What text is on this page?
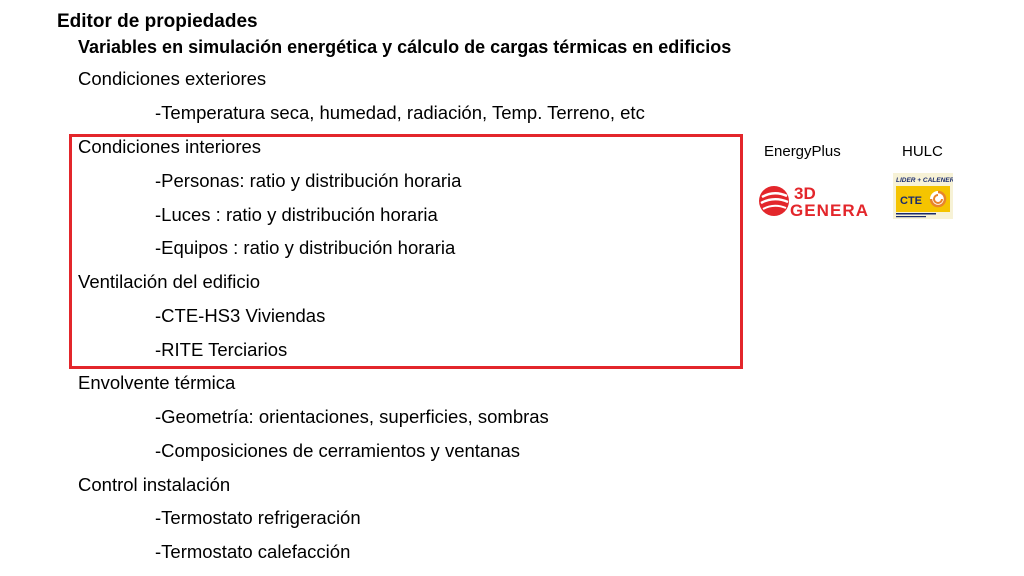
Editor de propiedades
Variables en simulación energética y cálculo de cargas térmicas en edificios
Condiciones exteriores
-Temperatura seca, humedad, radiación, Temp. Terreno, etc
Condiciones interiores
-Personas: ratio y distribución horaria
-Luces : ratio y distribución horaria
-Equipos : ratio y distribución horaria
Ventilación del edificio
-CTE-HS3 Viviendas
-RITE Terciarios
Envolvente térmica
-Geometría: orientaciones, superficies, sombras
-Composiciones de cerramientos y ventanas
Control instalación
-Termostato refrigeración
-Termostato calefacción
EnergyPlus	HULC
3D
GENERA
LIDER + CALENER
CTE
